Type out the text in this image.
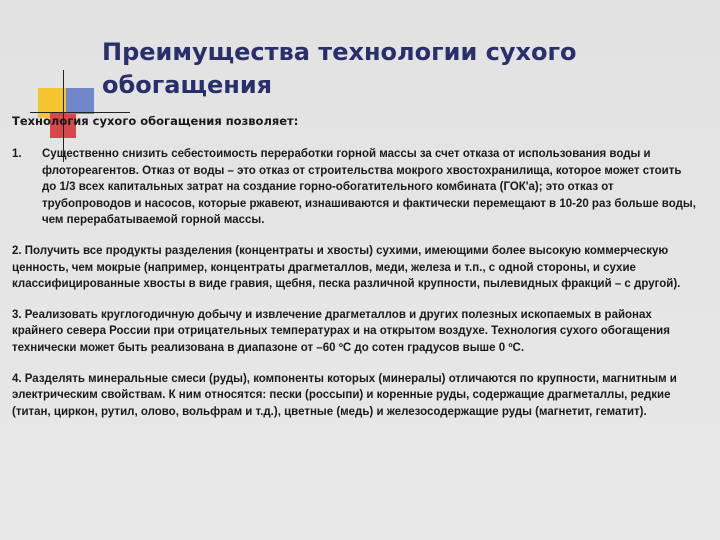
Преимущества технологии сухого обогащения

Технология сухого обогащения позволяет:

1.	Существенно снизить себестоимость переработки горной массы за счет отказа от использования воды и флотореагентов. Отказ от воды – это отказ от строительства мокрого хвостохранилища, которое может стоить до 1/3 всех капитальных затрат на создание горно-обогатительного комбината (ГОК'а); это отказ от трубопроводов и насосов, которые ржавеют, изнашиваются и фактически перемещают в 10-20 раз больше воды, чем перерабатываемой горной массы.

2. Получить все продукты разделения (концентраты и хвосты) сухими, имеющими более высокую коммерческую ценность, чем мокрые (например, концентраты драгметаллов, меди, железа и т.п., с одной стороны, и сухие классифицированные хвосты в виде гравия, щебня, песка различной крупности, пылевидных фракций – с другой).

3. Реализовать круглогодичную добычу и извлечение драгметаллов и других полезных ископаемых в районах крайнего севера России при отрицательных температурах и на открытом воздухе. Технология сухого обогащения технически может быть реализована в диапазоне от –60 ºC до сотен градусов выше 0 ºC.

4. Разделять минеральные смеси (руды), компоненты которых (минералы) отличаются по крупности, магнитным и электрическим свойствам. К ним относятся: пески (россыпи) и коренные руды, содержащие драгметаллы, редкие (титан, циркон, рутил, олово, вольфрам и т.д.), цветные (медь) и железосодержащие руды (магнетит, гематит).
